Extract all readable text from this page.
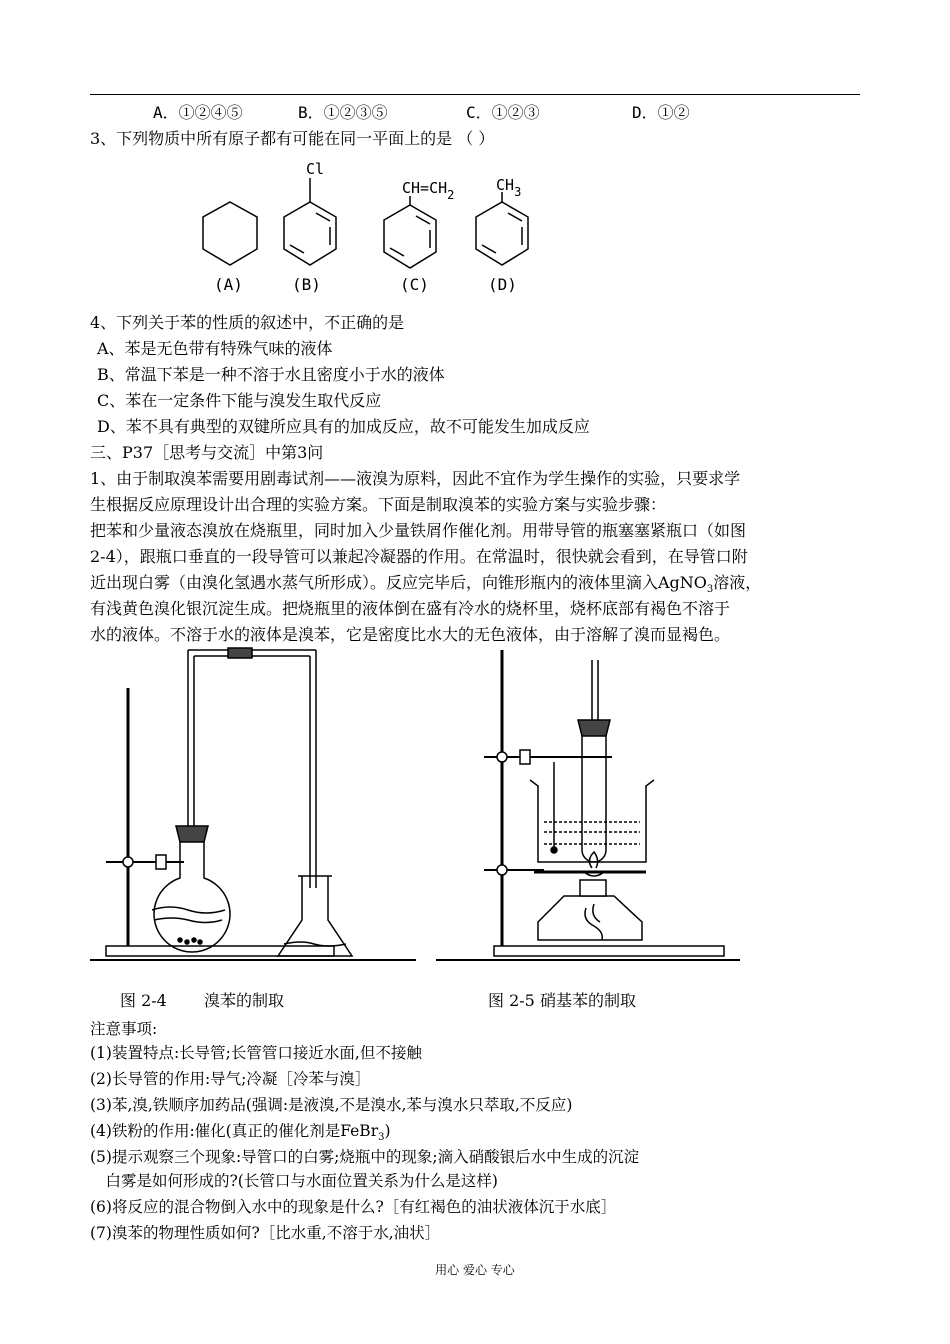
A．①②④⑤	B．①②③⑤	C．①②③	D．①②
3、下列物质中所有原子都有可能在同一平面上的是 （ ）
(A)
Cl
(B)
$CH=CH_2$
(C)
$CH_3$
(D)
4、下列关于苯的性质的叙述中，不正确的是
A、苯是无色带有特殊气味的液体
B、常温下苯是一种不溶于水且密度小于水的液体
C、苯在一定条件下能与溴发生取代反应
D、苯不具有典型的双键所应具有的加成反应，故不可能发生加成反应
三、P37［思考与交流］中第3问
1、由于制取溴苯需要用剧毒试剂——液溴为原料，因此不宜作为学生操作的实验，只要求学
生根据反应原理设计出合理的实验方案。下面是制取溴苯的实验方案与实验步骤：
把苯和少量液态溴放在烧瓶里，同时加入少量铁屑作催化剂。用带导管的瓶塞塞紧瓶口（如图
2-4），跟瓶口垂直的一段导管可以兼起冷凝器的作用。在常温时，很快就会看到，在导管口附
近出现白雾（由溴化氢遇水蒸气所形成）。反应完毕后，向锥形瓶内的液体里滴入AgNO$_3$溶液，
有浅黄色溴化银沉淀生成。把烧瓶里的液体倒在盛有冷水的烧杯里，烧杯底部有褐色不溶于
水的液体。不溶于水的液体是溴苯，它是密度比水大的无色液体，由于溶解了溴而显褐色。
图 2-4　　 溴苯的制取	图 2-5 硝基苯的制取
注意事项:
(1)装置特点:长导管;长管管口接近水面,但不接触
(2)长导管的作用:导气;冷凝［冷苯与溴］
(3)苯,溴,铁顺序加药品(强调:是液溴,不是溴水,苯与溴水只萃取,不反应)
(4)铁粉的作用:催化(真正的催化剂是FeBr$_3$)
(5)提示观察三个现象:导管口的白雾;烧瓶中的现象;滴入硝酸银后水中生成的沉淀
　白雾是如何形成的?(长管口与水面位置关系为什么是这样)
(6)将反应的混合物倒入水中的现象是什么?［有红褐色的油状液体沉于水底］
(7)溴苯的物理性质如何?［比水重,不溶于水,油状］
用心 爱心 专心
